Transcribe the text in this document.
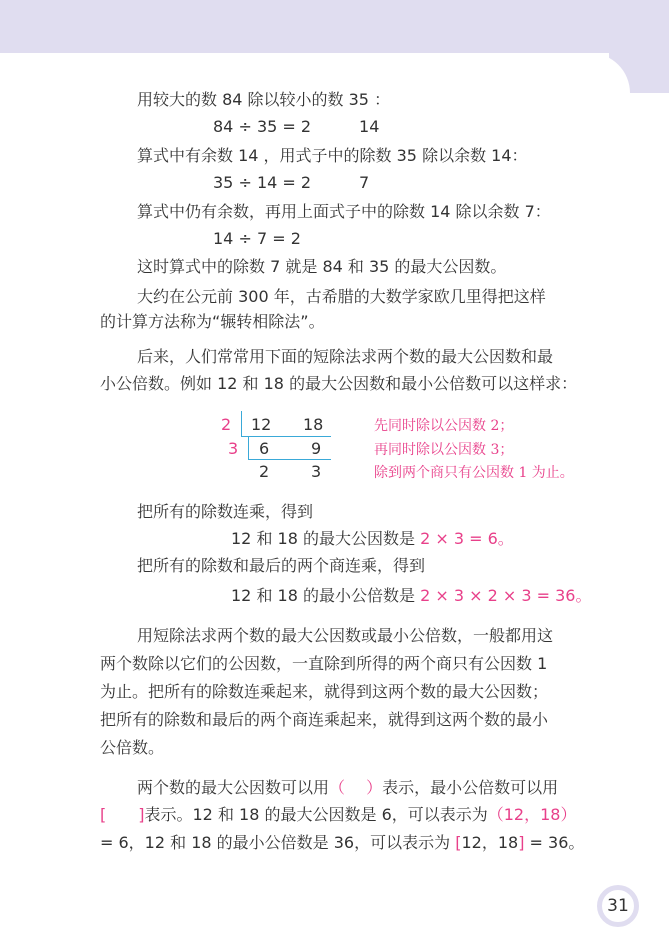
用较大的数 84 除以较小的数 35 ：
84 ÷ 35 = 2　　　14
算式中有余数 14 ，用式子中的除数 35 除以余数 14：
35 ÷ 14 = 2　　　7
算式中仍有余数，再用上面式子中的除数 14 除以余数 7：
14 ÷ 7 = 2
这时算式中的除数 7 就是 84 和 35 的最大公因数。
大约在公元前 300 年，古希腊的大数学家欧几里得把这样
的计算方法称为“辗转相除法”。
后来，人们常常用下面的短除法求两个数的最大公因数和最
小公倍数。例如 12 和 18 的最大公因数和最小公倍数可以这样求：
2
3
12 18
6	9
2	3
先同时除以公因数 2；
再同时除以公因数 3；
除到两个商只有公因数 1 为止。
把所有的除数连乘，得到
12 和 18 的最大公因数是 2 × 3 = 6。
把所有的除数和最后的两个商连乘，得到
12 和 18 的最小公倍数是 2 × 3 × 2 × 3 = 36。
用短除法求两个数的最大公因数或最小公倍数，一般都用这
两个数除以它们的公因数，一直除到所得的两个商只有公因数 1
为止。把所有的除数连乘起来，就得到这两个数的最大公因数；
把所有的除数和最后的两个商连乘起来，就得到这两个数的最小
公倍数。
两个数的最大公因数可以用（　 ）表示，最小公倍数可以用
[　　]表示。12 和 18 的最大公因数是 6，可以表示为（12，18）
= 6，12 和 18 的最小公倍数是 36，可以表示为 [12，18] = 36。
31
